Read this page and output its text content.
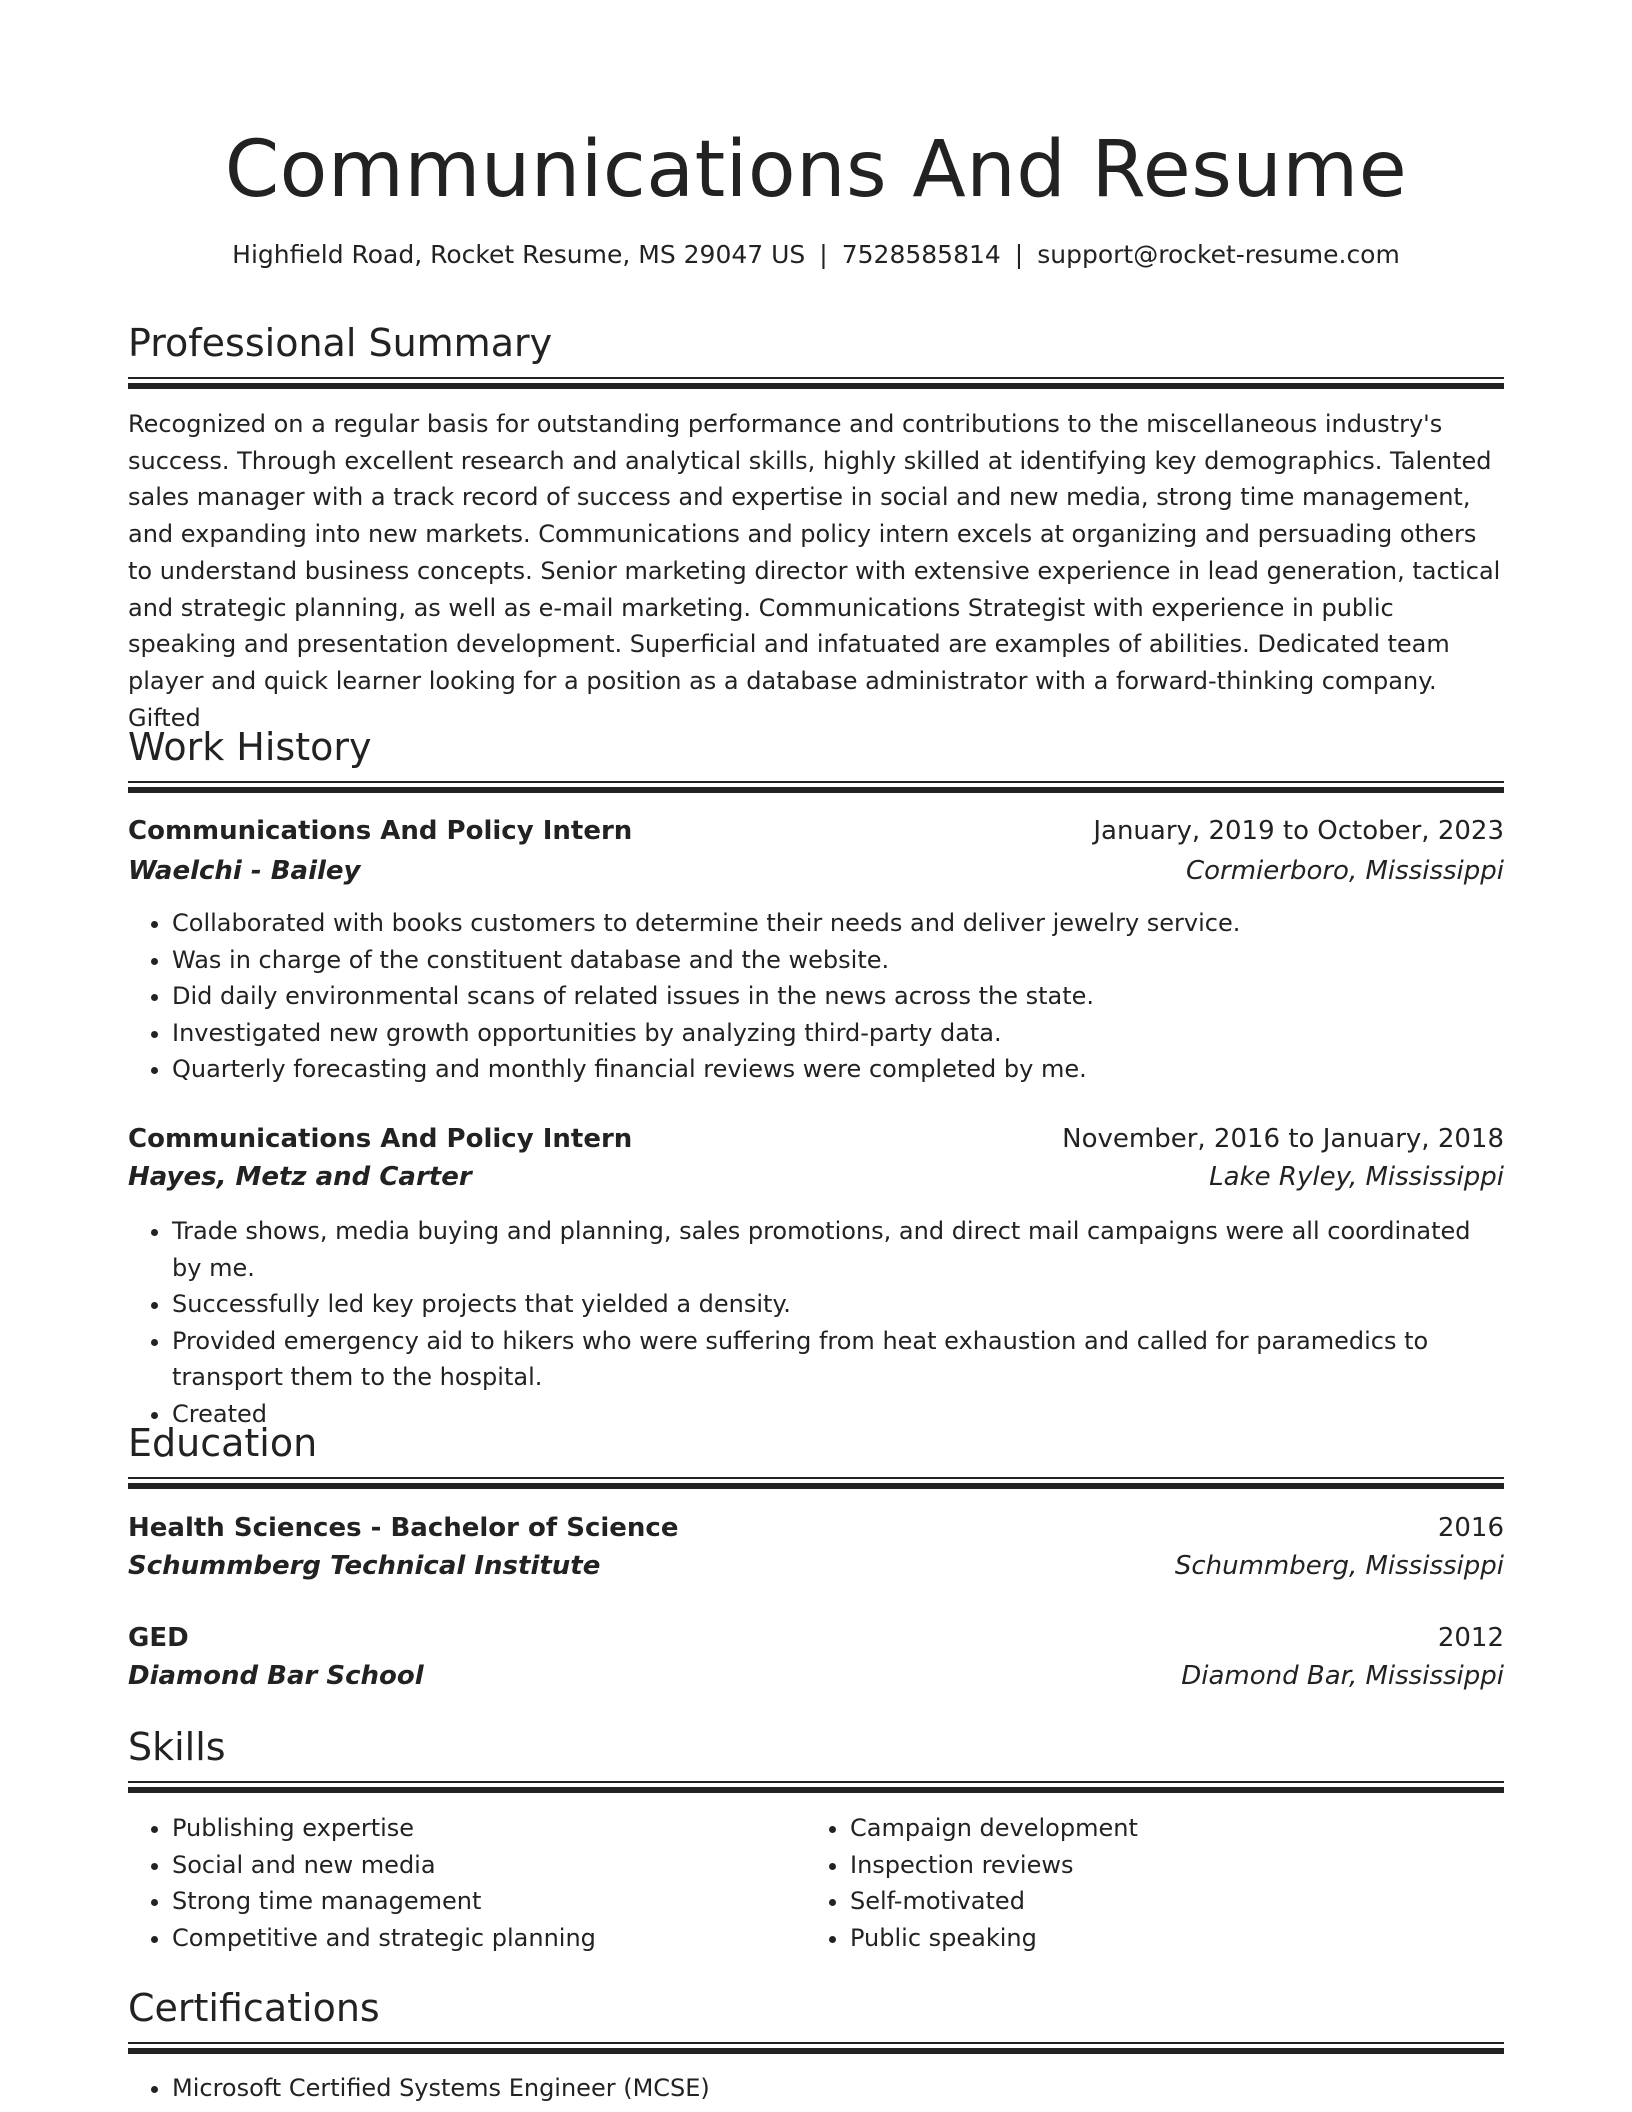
Communications And Resume
Highfield Road, Rocket Resume, MS 29047 US | 7528585814 | support@rocket-resume.com
Professional Summary
Recognized on a regular basis for outstanding performance and contributions to the miscellaneous industry's success. Through excellent research and analytical skills, highly skilled at identifying key demographics. Talented sales manager with a track record of success and expertise in social and new media, strong time management, and expanding into new markets. Communications and policy intern excels at organizing and persuading others to understand business concepts. Senior marketing director with extensive experience in lead generation, tactical and strategic planning, as well as e-mail marketing. Communications Strategist with experience in public speaking and presentation development. Superficial and infatuated are examples of abilities. Dedicated team player and quick learner looking for a position as a database administrator with a forward-thinking company. Gifted
Work History
Communications And Policy Intern	January, 2019 to October, 2023
Waelchi - Bailey	Cormierboro, Mississippi
• Collaborated with books customers to determine their needs and deliver jewelry service.
• Was in charge of the constituent database and the website.
• Did daily environmental scans of related issues in the news across the state.
• Investigated new growth opportunities by analyzing third-party data.
• Quarterly forecasting and monthly financial reviews were completed by me.
Communications And Policy Intern	November, 2016 to January, 2018
Hayes, Metz and Carter	Lake Ryley, Mississippi
• Trade shows, media buying and planning, sales promotions, and direct mail campaigns were all coordinated by me.
• Successfully led key projects that yielded a density.
• Provided emergency aid to hikers who were suffering from heat exhaustion and called for paramedics to transport them to the hospital.
• Created
Education
Health Sciences - Bachelor of Science	2016
Schummberg Technical Institute	Schummberg, Mississippi
GED	2012
Diamond Bar School	Diamond Bar, Mississippi
Skills
• Publishing expertise
• Social and new media
• Strong time management
• Competitive and strategic planning
• Campaign development
• Inspection reviews
• Self-motivated
• Public speaking
Certifications
• Microsoft Certified Systems Engineer (MCSE)
